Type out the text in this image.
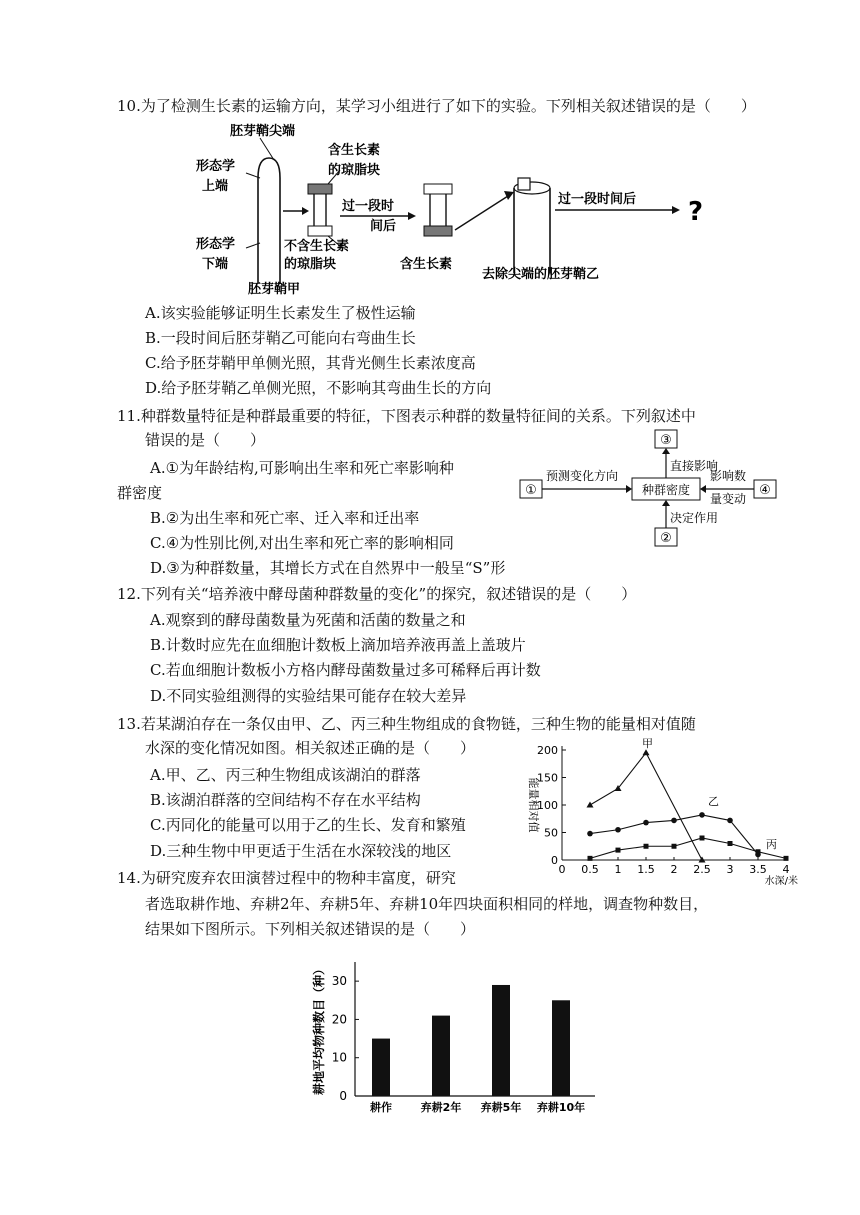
10.为了检测生长素的运输方向，某学习小组进行了如下的实验。下列相关叙述错误的是（　　）
胚芽鞘尖端
形态学
上端
形态学
下端
胚芽鞘甲
含生长素
的琼脂块
不含生长素
的琼脂块
过一段时
间后
含生长素
去除尖端的胚芽鞘乙
过一段时间后 ?
A.该实验能够证明生长素发生了极性运输
B.一段时间后胚芽鞘乙可能向右弯曲生长
C.给予胚芽鞘甲单侧光照，其背光侧生长素浓度高
D.给予胚芽鞘乙单侧光照，不影响其弯曲生长的方向
11.种群数量特征是种群最重要的特征，下图表示种群的数量特征间的关系。下列叙述中
错误的是（　　）
A.①为年龄结构,可影响出生率和死亡率影响种
群密度
B.②为出生率和死亡率、迁入率和迁出率
C.④为性别比例,对出生率和死亡率的影响相同
D.③为种群数量，其增长方式在自然界中一般呈“S”形
①
③
②
④
种群密度
预测变化方向
直接影响
决定作用
影响数
量变动
12.下列有关“培养液中酵母菌种群数量的变化”的探究，叙述错误的是（　　）
A.观察到的酵母菌数量为死菌和活菌的数量之和
B.计数时应先在血细胞计数板上滴加培养液再盖上盖玻片
C.若血细胞计数板小方格内酵母菌数量过多可稀释后再计数
D.不同实验组测得的实验结果可能存在较大差异
13.若某湖泊存在一条仅由甲、乙、丙三种生物组成的食物链，三种生物的能量相对值随
水深的变化情况如图。相关叙述正确的是（　　）
A.甲、乙、丙三种生物组成该湖泊的群落
B.该湖泊群落的空间结构不存在水平结构
C.丙同化的能量可以用于乙的生长、发育和繁殖
D.三种生物中甲更适于生活在水深较浅的地区
0
50
100
150
200
0 0.5 1 1.5 2 2.5 3 3.5 4
甲
乙
丙
水深/米
能量相对值
14.为研究废弃农田演替过程中的物种丰富度，研究
者选取耕作地、弃耕2年、弃耕5年、弃耕10年四块面积相同的样地，调查物种数目，
结果如下图所示。下列相关叙述错误的是（　　）
0
10
20
30
耕作	弃耕2年 弃耕5年 弃耕10年
耕地平均物种数目（种）
